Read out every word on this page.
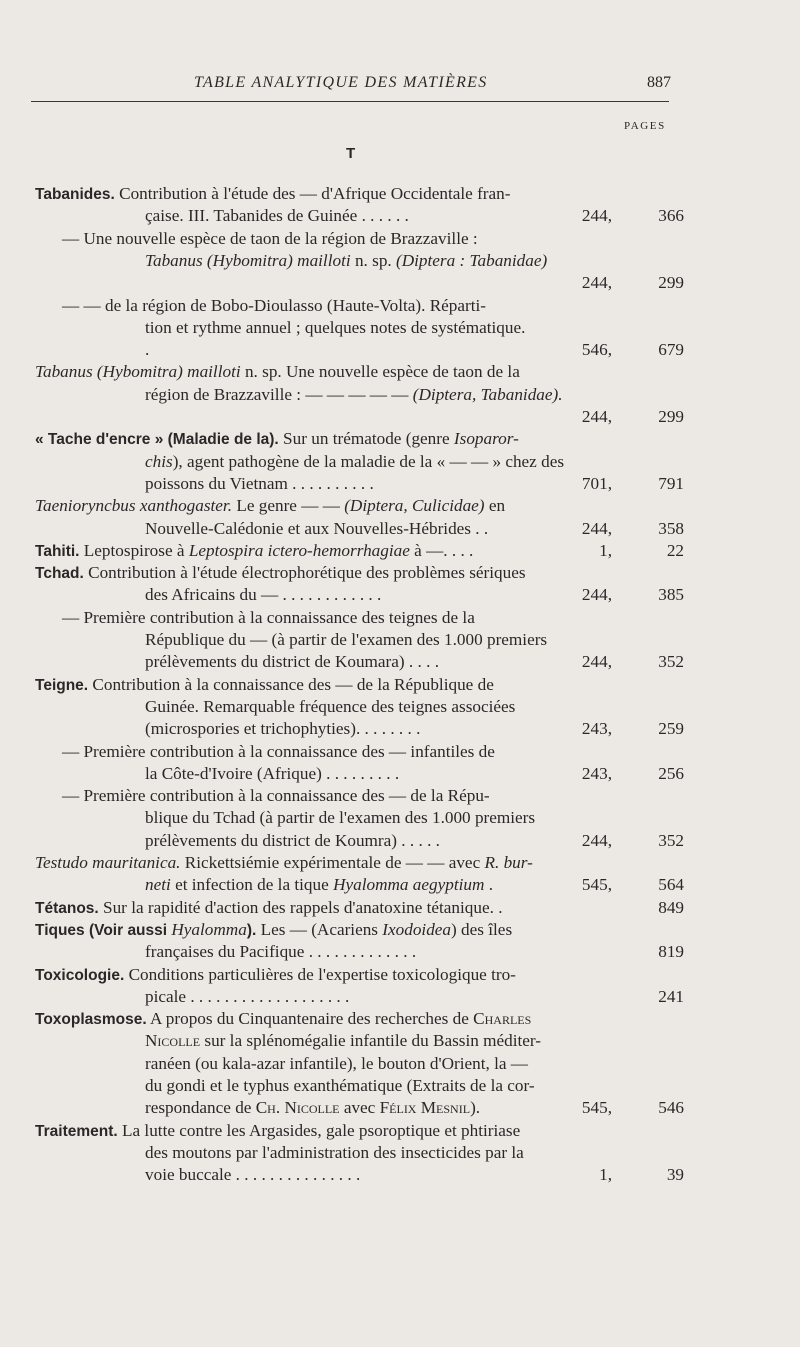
TABLE ANALYTIQUE DES MATIÈRES	887
PAGES
T
Tabanides. Contribution à l'étude des — d'Afrique Occidentale fran-
çaise. III. Tabanides de Guinée . . . . . .	244,	366
— Une nouvelle espèce de taon de la région de Brazzaville :
Tabanus (Hybomitra) mailloti n. sp. (Diptera : Tabanidae)
244,	299
— — de la région de Bobo-Dioulasso (Haute-Volta). Réparti-
tion et rythme annuel ; quelques notes de systématique.
.	546,	679
Tabanus (Hybomitra) mailloti n. sp. Une nouvelle espèce de taon de la
région de Brazzaville : — — — — — (Diptera, Tabanidae).
244,	299
« Tache d'encre » (Maladie de la). Sur un trématode (genre Isoparor-
chis), agent pathogène de la maladie de la « — — » chez des
poissons du Vietnam . . . . . . . . . .	701,	791
Taenioryncbus xanthogaster. Le genre — — (Diptera, Culicidae) en
Nouvelle-Calédonie et aux Nouvelles-Hébrides . .	244,	358
Tahiti. Leptospirose à Leptospira ictero-hemorrhagiae à —. . . .	1,	22
Tchad. Contribution à l'étude électrophorétique des problèmes sériques
des Africains du — . . . . . . . . . . . .	244,	385
— Première contribution à la connaissance des teignes de la
République du — (à partir de l'examen des 1.000 premiers
prélèvements du district de Koumara) . . . .	244,	352
Teigne. Contribution à la connaissance des — de la République de
Guinée. Remarquable fréquence des teignes associées
(microspories et trichophyties). . . . . . . .	243,	259
— Première contribution à la connaissance des — infantiles de
la Côte-d'Ivoire (Afrique) . . . . . . . . .	243,	256
— Première contribution à la connaissance des — de la Répu-
blique du Tchad (à partir de l'examen des 1.000 premiers
prélèvements du district de Koumra) . . . . .	244,	352
Testudo mauritanica. Rickettsiémie expérimentale de — — avec R. bur-
neti et infection de la tique Hyalomma aegyptium .	545,	564
Tétanos. Sur la rapidité d'action des rappels d'anatoxine tétanique. .	849
Tiques (Voir aussi Hyalomma). Les — (Acariens Ixodoidea) des îles
françaises du Pacifique . . . . . . . . . . . . .	819
Toxicologie. Conditions particulières de l'expertise toxicologique tro-
picale . . . . . . . . . . . . . . . . . . .	241
Toxoplasmose. A propos du Cinquantenaire des recherches de Charles
Nicolle sur la splénomégalie infantile du Bassin méditer-
ranéen (ou kala-azar infantile), le bouton d'Orient, la —
du gondi et le typhus exanthématique (Extraits de la cor-
respondance de Ch. Nicolle avec Félix Mesnil).	545,	546
Traitement. La lutte contre les Argasides, gale psoroptique et phtiriase
des moutons par l'administration des insecticides par la
voie buccale . . . . . . . . . . . . . . .	1,	39
